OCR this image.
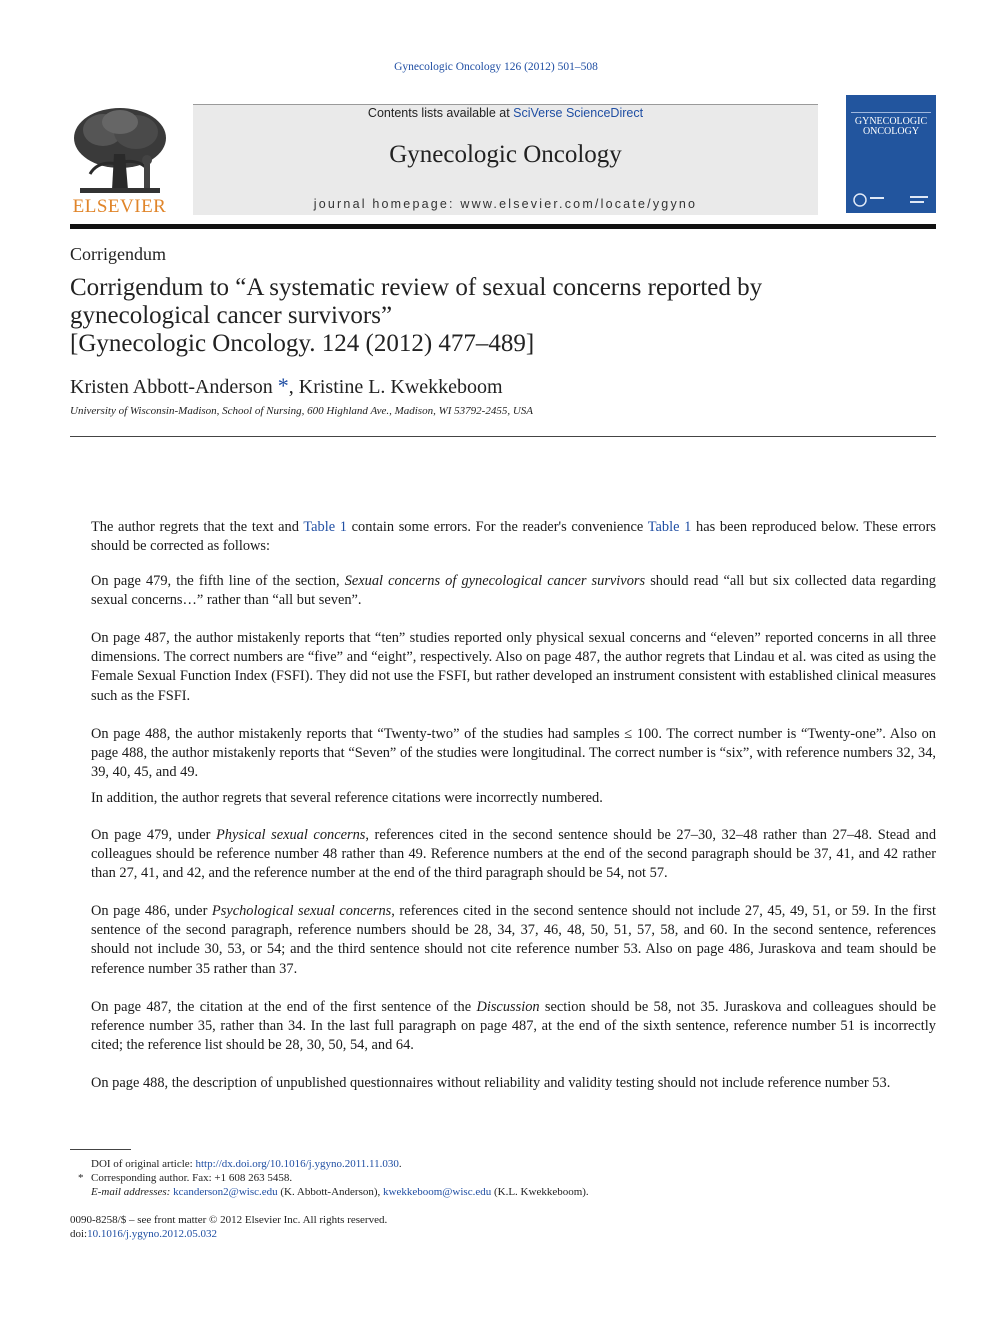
Gynecologic Oncology 126 (2012) 501–508
ELSEVIER
Contents lists available at SciVerse ScienceDirect
Gynecologic Oncology
journal homepage: www.elsevier.com/locate/ygyno
GYNECOLOGIC
ONCOLOGY
Corrigendum
Corrigendum to “A systematic review of sexual concerns reported by
gynecological cancer survivors”
[Gynecologic Oncology. 124 (2012) 477–489]
Kristen Abbott-Anderson *, Kristine L. Kwekkeboom
University of Wisconsin-Madison, School of Nursing, 600 Highland Ave., Madison, WI 53792-2455, USA

The author regrets that the text and Table 1 contain some errors. For the reader's convenience Table 1 has been reproduced below. These errors should be corrected as follows:

On page 479, the fifth line of the section, Sexual concerns of gynecological cancer survivors should read “all but six collected data regarding sexual concerns…” rather than “all but seven”.

On page 487, the author mistakenly reports that “ten” studies reported only physical sexual concerns and “eleven” reported concerns in all three dimensions. The correct numbers are “five” and “eight”, respectively. Also on page 487, the author regrets that Lindau et al. was cited as using the Female Sexual Function Index (FSFI). They did not use the FSFI, but rather developed an instrument consistent with established clinical measures such as the FSFI.

On page 488, the author mistakenly reports that “Twenty-two” of the studies had samples ≤ 100. The correct number is “Twenty-one”. Also on page 488, the author mistakenly reports that “Seven” of the studies were longitudinal. The correct number is “six”, with reference numbers 32, 34, 39, 40, 45, and 49.

In addition, the author regrets that several reference citations were incorrectly numbered.

On page 479, under Physical sexual concerns, references cited in the second sentence should be 27–30, 32–48 rather than 27–48. Stead and colleagues should be reference number 48 rather than 49. Reference numbers at the end of the second paragraph should be 37, 41, and 42 rather than 27, 41, and 42, and the reference number at the end of the third paragraph should be 54, not 57.

On page 486, under Psychological sexual concerns, references cited in the second sentence should not include 27, 45, 49, 51, or 59. In the first sentence of the second paragraph, reference numbers should be 28, 34, 37, 46, 48, 50, 51, 57, 58, and 60. In the second sentence, references should not include 30, 53, or 54; and the third sentence should not cite reference number 53. Also on page 486, Juraskova and team should be reference number 35 rather than 37.

On page 487, the citation at the end of the first sentence of the Discussion section should be 58, not 35. Juraskova and colleagues should be reference number 35, rather than 34. In the last full paragraph on page 487, at the end of the sixth sentence, reference number 51 is incorrectly cited; the reference list should be 28, 30, 50, 54, and 64.

On page 488, the description of unpublished questionnaires without reliability and validity testing should not include reference number 53.

DOI of original article: http://dx.doi.org/10.1016/j.ygyno.2011.11.030.
* Corresponding author. Fax: +1 608 263 5458.
E-mail addresses: kcanderson2@wisc.edu (K. Abbott-Anderson), kwekkeboom@wisc.edu (K.L. Kwekkeboom).
0090-8258/$ – see front matter © 2012 Elsevier Inc. All rights reserved.
doi:10.1016/j.ygyno.2012.05.032
